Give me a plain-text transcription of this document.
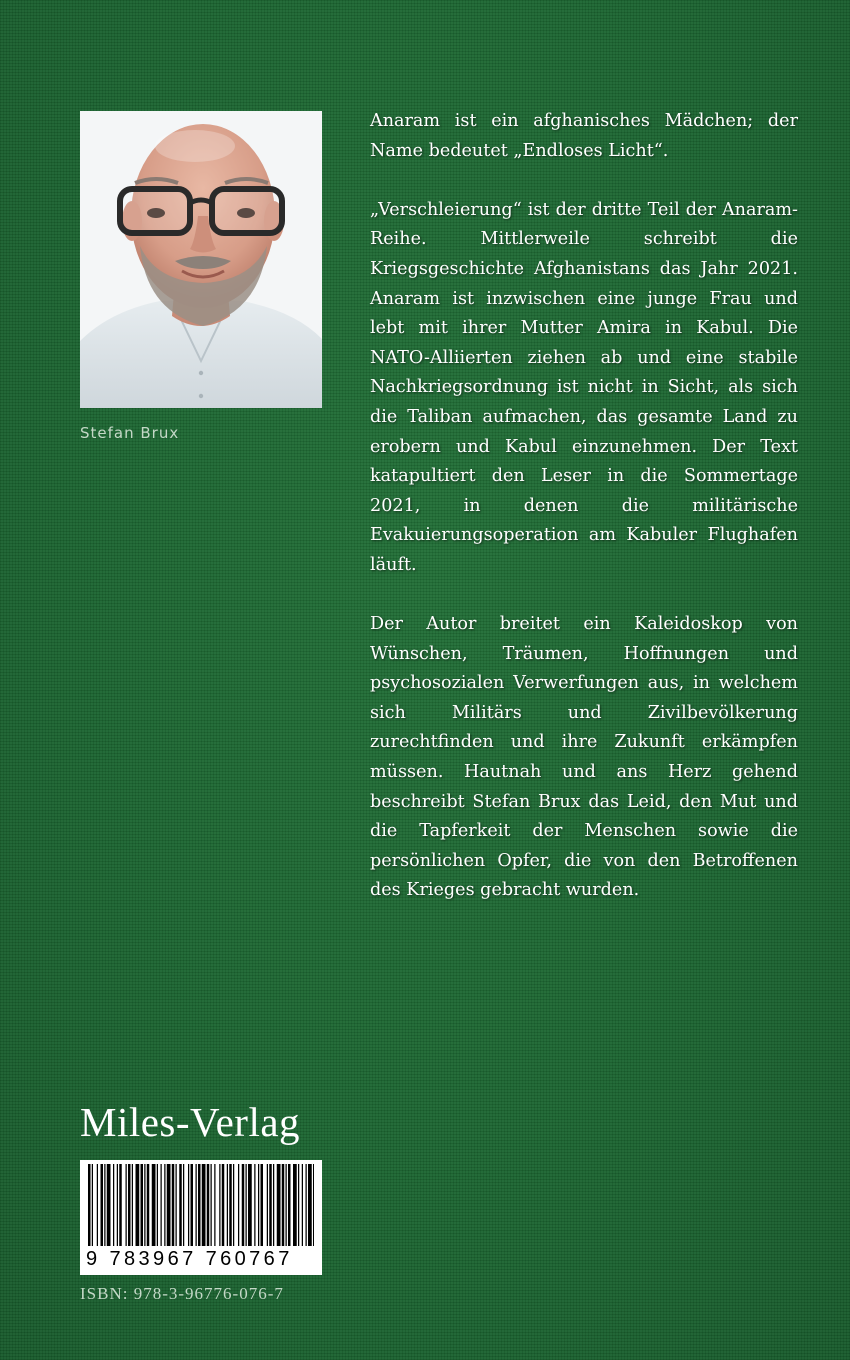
Stefan Brux

Anaram ist ein afghanisches Mädchen; der Name bedeutet „Endloses Licht“.

„Verschleierung“ ist der dritte Teil der Anaram-Reihe. Mittlerweile schreibt die Kriegsgeschichte Afghanistans das Jahr 2021. Anaram ist inzwischen eine junge Frau und lebt mit ihrer Mutter Amira in Kabul. Die NATO-Alliierten ziehen ab und eine stabile Nachkriegsordnung ist nicht in Sicht, als sich die Taliban aufmachen, das gesamte Land zu erobern und Kabul einzunehmen. Der Text katapultiert den Leser in die Sommertage 2021, in denen die militärische Evakuierungsoperation am Kabuler Flughafen läuft.

Der Autor breitet ein Kaleidoskop von Wünschen, Träumen, Hoffnungen und psychosozialen Verwerfungen aus, in welchem sich Militärs und Zivilbevölkerung zurechtfinden und ihre Zukunft erkämpfen müssen. Hautnah und ans Herz gehend beschreibt Stefan Brux das Leid, den Mut und die Tapferkeit der Menschen sowie die persönlichen Opfer, die von den Betroffenen des Krieges gebracht wurden.

Miles-Verlag
9 783967 760767
ISBN: 978-3-96776-076-7
